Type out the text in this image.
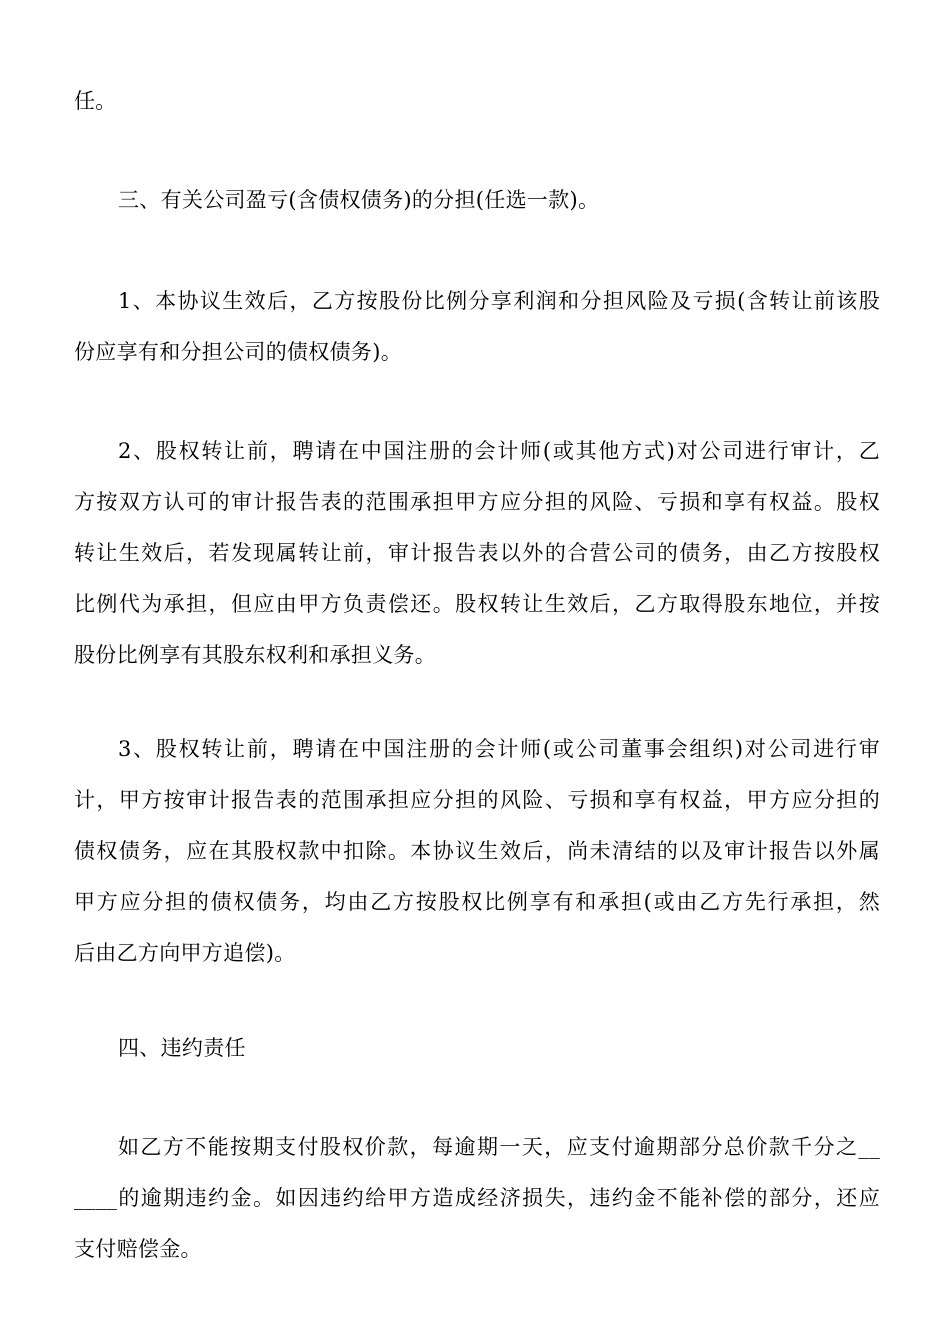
任。
三、有关公司盈亏(含债权债务)的分担(任选一款)。
1、本协议生效后，乙方按股份比例分享利润和分担风险及亏损(含转让前该股
份应享有和分担公司的债权债务)。
2、股权转让前，聘请在中国注册的会计师(或其他方式)对公司进行审计，乙
方按双方认可的审计报告表的范围承担甲方应分担的风险、亏损和享有权益。股权
转让生效后，若发现属转让前，审计报告表以外的合营公司的债务，由乙方按股权
比例代为承担，但应由甲方负责偿还。股权转让生效后，乙方取得股东地位，并按
股份比例享有其股东权利和承担义务。
3、股权转让前，聘请在中国注册的会计师(或公司董事会组织)对公司进行审
计，甲方按审计报告表的范围承担应分担的风险、亏损和享有权益，甲方应分担的
债权债务，应在其股权款中扣除。本协议生效后，尚未清结的以及审计报告以外属
甲方应分担的债权债务，均由乙方按股权比例享有和承担(或由乙方先行承担，然
后由乙方向甲方追偿)。
四、违约责任
如乙方不能按期支付股权价款，每逾期一天，应支付逾期部分总价款千分之__
____的逾期违约金。如因违约给甲方造成经济损失，违约金不能补偿的部分，还应
支付赔偿金。
